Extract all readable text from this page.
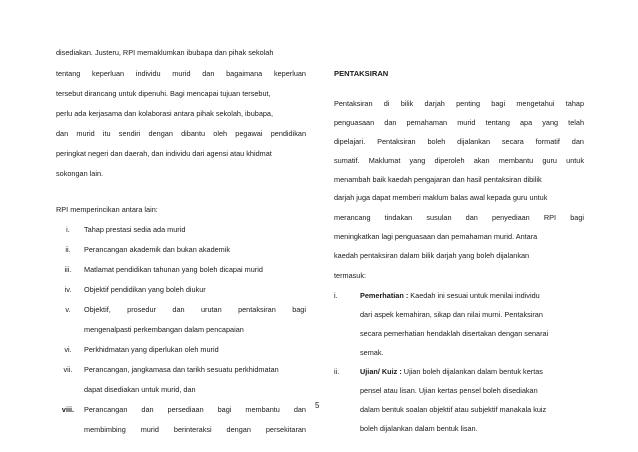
disediakan. Justeru, RPI memaklumkan ibubapa dan pihak sekolah
tentang keperluan individu murid dan bagaimana keperluan
tersebut dirancang untuk dipenuhi. Bagi mencapai tujuan tersebut,
perlu ada kerjasama dan kolaborasi antara pihak sekolah, ibubapa,
dan murid itu sendiri dengan dibantu oleh pegawai pendidikan
peringkat negeri dan daerah, dan individu dari agensi atau khidmat
sokongan lain.
RPI memperincikan antara lain:
i.	Tahap prestasi sedia ada murid
ii.	Perancangan akademik dan bukan akademik
iii.	Matlamat pendidikan tahunan yang boleh dicapai murid
iv.	Objektif pendidikan yang boleh diukur
v.	Objektif, prosedur dan urutan pentaksiran bagi
mengenalpasti perkembangan dalam pencapaian
vi.	Perkhidmatan yang diperlukan oleh murid
vii.	Perancangan, jangkamasa dan tarikh sesuatu perkhidmatan
dapat disediakan untuk murid, dan
viii.	Perancangan dan persediaan bagi membantu dan
membimbing murid berinteraksi dengan persekitaran
PENTAKSIRAN
Pentaksiran di bilik darjah penting bagi mengetahui tahap
penguasaan dan pemahaman murid tentang apa yang telah
dipelajari. Pentaksiran boleh dijalankan secara formatif dan
sumatif. Maklumat yang diperoleh akan membantu guru untuk
menambah baik kaedah pengajaran dan hasil pentaksiran dibilik
darjah juga dapat memberi maklum balas awal kepada guru untuk
merancang tindakan susulan dan penyediaan RPI bagi
meningkatkan lagi penguasaan dan pemahaman murid. Antara
kaedah pentaksiran dalam bilik darjah yang boleh dijalankan
termasuk:
i.	Pemerhatian : Kaedah ini sesuai untuk menilai individu
dari aspek kemahiran, sikap dan nilai murni. Pentaksiran
secara pemerhatian hendaklah disertakan dengan senarai
semak.
ii.	Ujian/ Kuiz : Ujian boleh dijalankan dalam bentuk kertas
pensel atau lisan. Ujian kertas pensel boleh disediakan
dalam bentuk soalan objektif atau subjektif manakala kuiz
boleh dijalankan dalam bentuk lisan.
5
